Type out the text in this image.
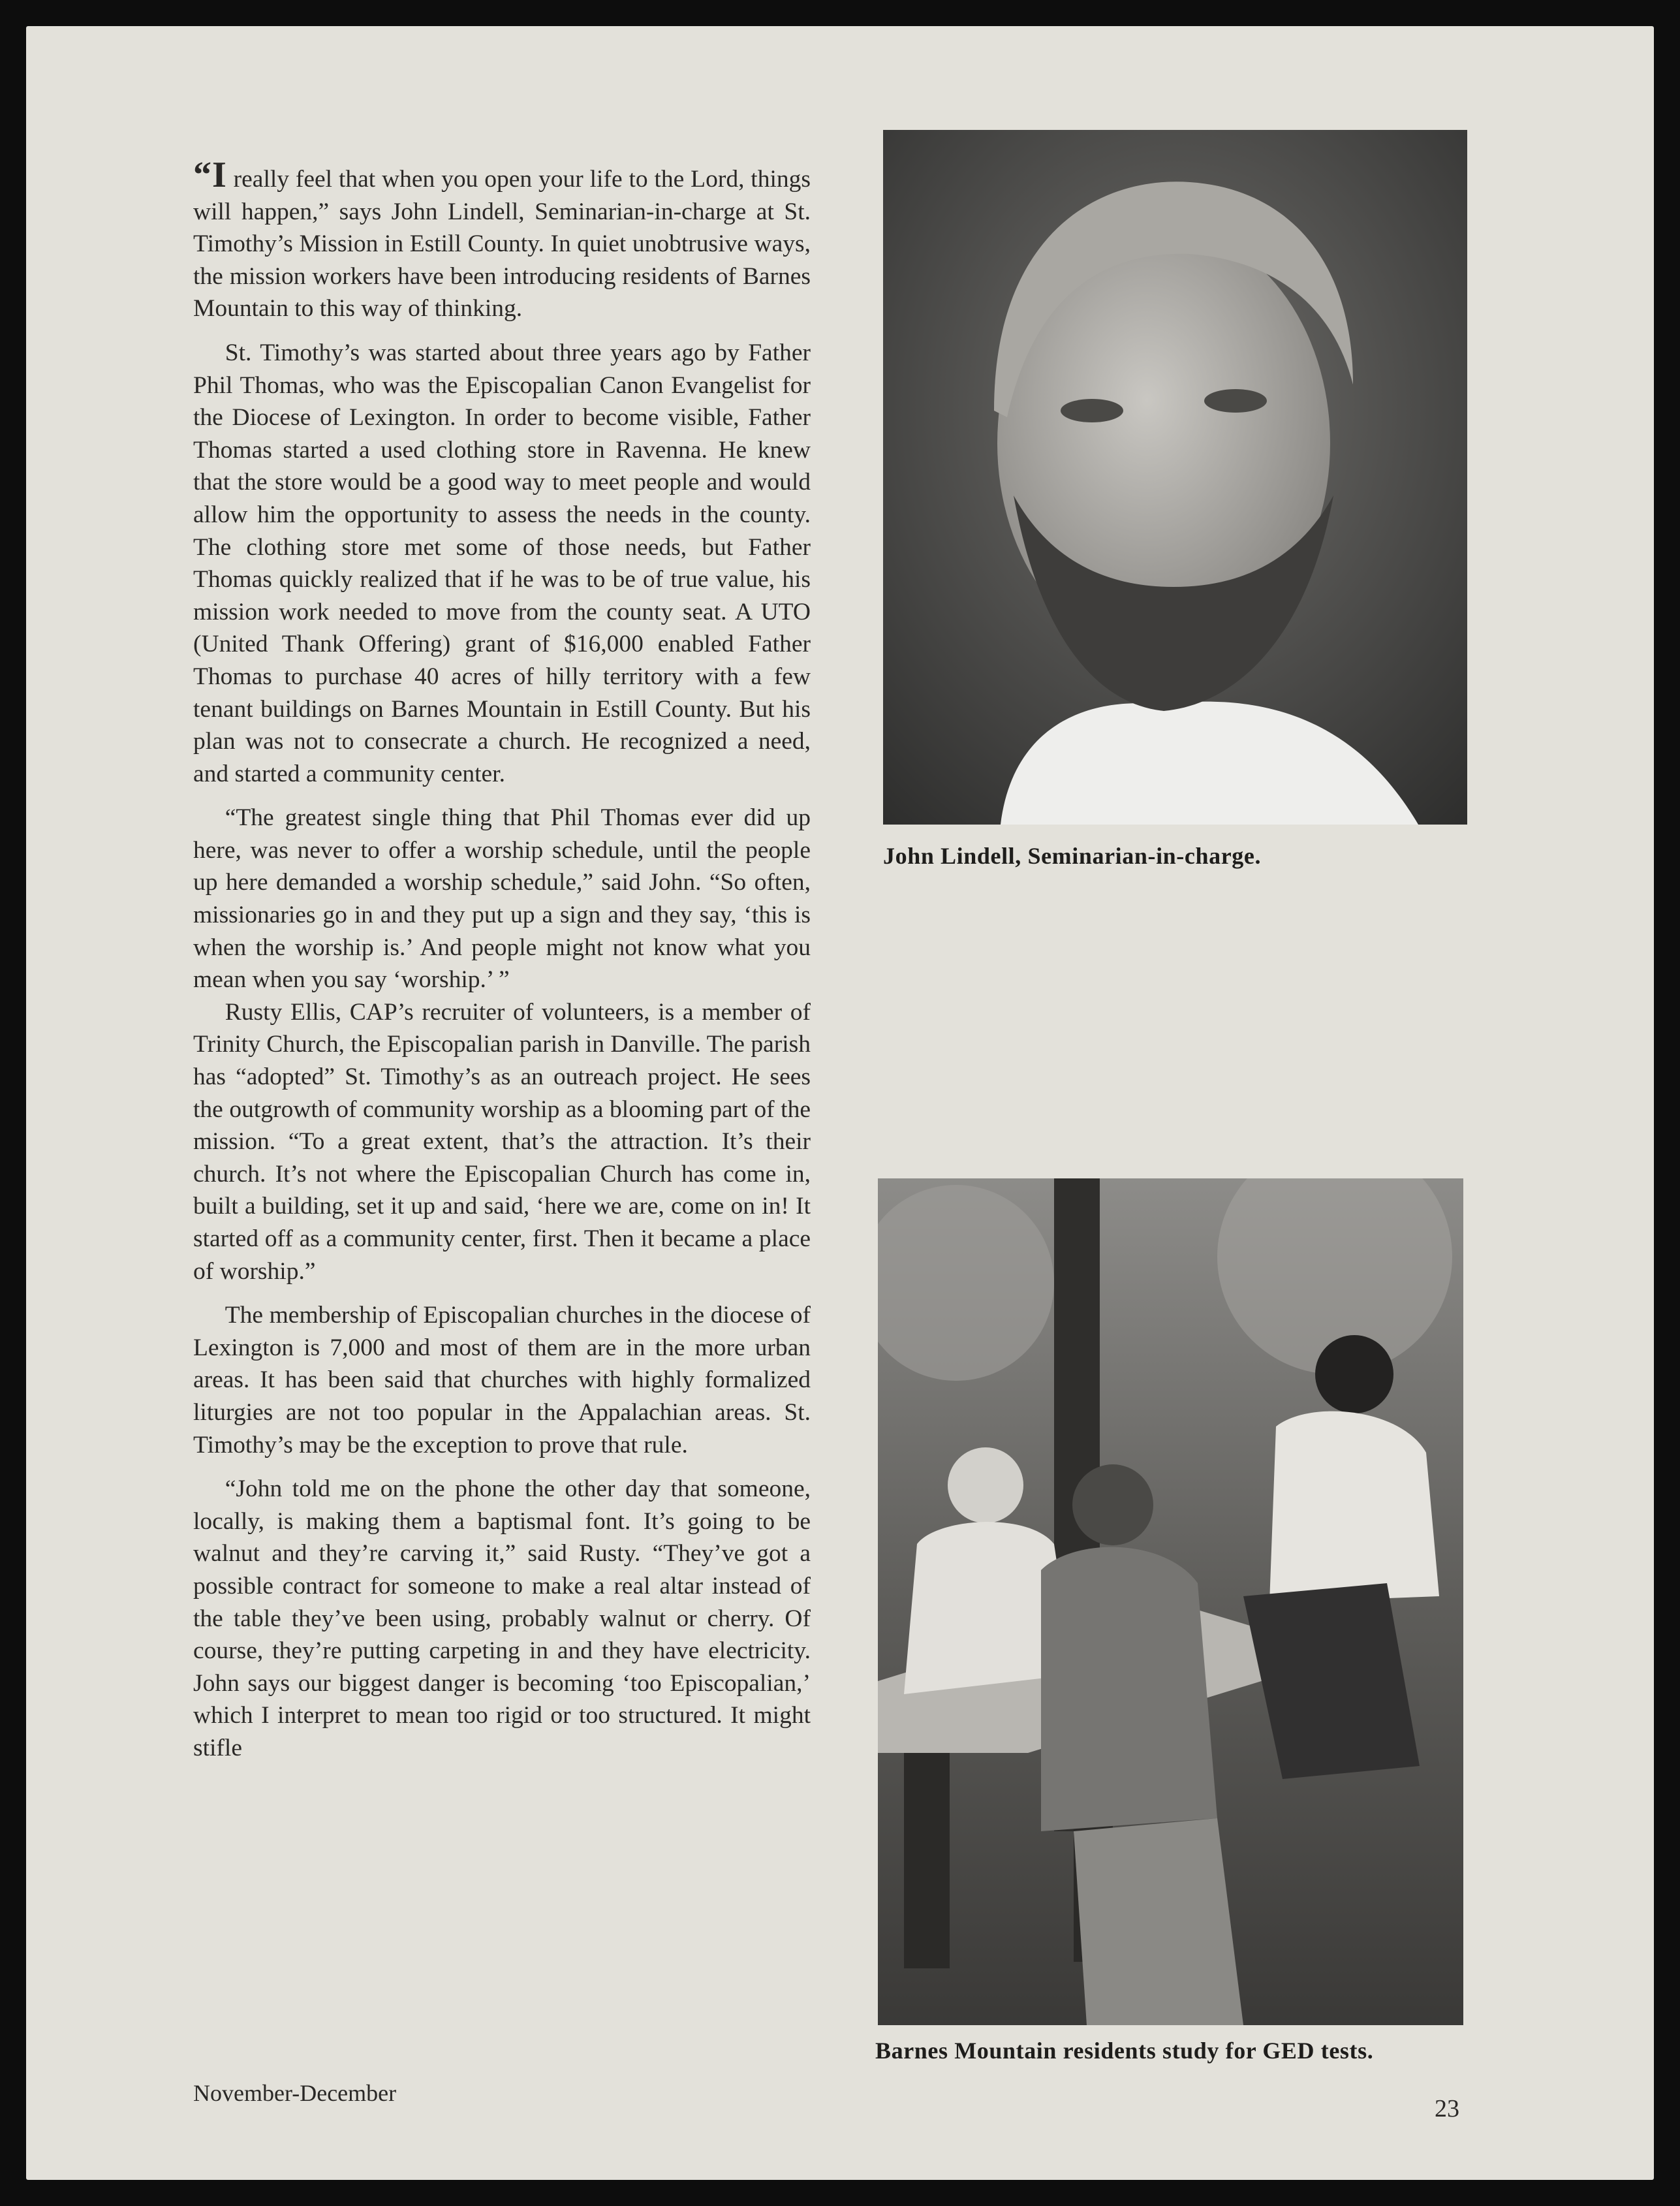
“I really feel that when you open your life to the Lord, things will happen,” says John Lindell, Seminarian-in-charge at St. Timothy’s Mission in Estill County. In quiet unobtrusive ways, the mission workers have been introducing residents of Barnes Mountain to this way of thinking.

St. Timothy’s was started about three years ago by Father Phil Thomas, who was the Episcopalian Canon Evangelist for the Diocese of Lexington. In order to become visible, Father Thomas started a used clothing store in Ravenna. He knew that the store would be a good way to meet people and would allow him the opportunity to assess the needs in the county. The clothing store met some of those needs, but Father Thomas quickly realized that if he was to be of true value, his mission work needed to move from the county seat. A UTO (United Thank Offering) grant of $16,000 enabled Father Thomas to purchase 40 acres of hilly territory with a few tenant buildings on Barnes Mountain in Estill County. But his plan was not to consecrate a church. He recognized a need, and started a community center.

“The greatest single thing that Phil Thomas ever did up here, was never to offer a worship schedule, until the people up here demanded a worship schedule,” said John. “So often, missionaries go in and they put up a sign and they say, ‘this is when the worship is.’ And people might not know what you mean when you say ‘worship.’ ”

Rusty Ellis, CAP’s recruiter of volunteers, is a member of Trinity Church, the Episcopalian parish in Danville. The parish has “adopted” St. Timothy’s as an outreach project. He sees the outgrowth of community worship as a blooming part of the mission. “To a great extent, that’s the attraction. It’s their church. It’s not where the Episcopalian Church has come in, built a building, set it up and said, ‘here we are, come on in! It started off as a community center, first. Then it became a place of worship.”

The membership of Episcopalian churches in the diocese of Lexington is 7,000 and most of them are in the more urban areas. It has been said that churches with highly formalized liturgies are not too popular in the Appalachian areas. St. Timothy’s may be the exception to prove that rule.

“John told me on the phone the other day that someone, locally, is making them a baptismal font. It’s going to be walnut and they’re carving it,” said Rusty. “They’ve got a possible contract for someone to make a real altar instead of the table they’ve been using, probably walnut or cherry. Of course, they’re putting carpeting in and they have electricity. John says our biggest danger is becoming ‘too Episcopalian,’ which I interpret to mean too rigid or too structured. It might stifle

John Lindell, Seminarian-in-charge.
Barnes Mountain residents study for GED tests.
November-December
23
